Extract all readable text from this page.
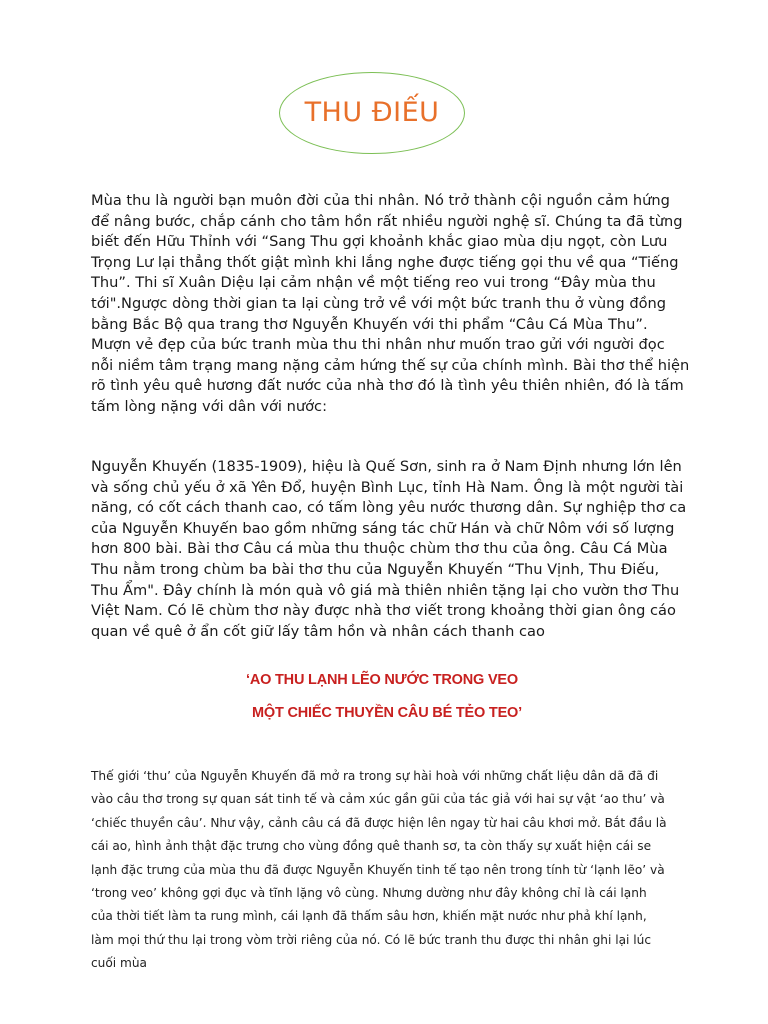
THU ĐIẾU

Mùa thu là người bạn muôn đời của thi nhân. Nó trở thành cội nguồn cảm hứng để nâng bước, chắp cánh cho tâm hồn rất nhiều người nghệ sĩ. Chúng ta đã từng biết đến Hữu Thỉnh với “Sang Thu gợi khoảnh khắc giao mùa dịu ngọt, còn Lưu Trọng Lư lại thẳng thốt giật mình khi lắng nghe được tiếng gọi thu về qua “Tiếng Thu”. Thi sĩ Xuân Diệu lại cảm nhận về một tiếng reo vui trong “Đây mùa thu tới".Ngược dòng thời gian ta lại cùng trở về với một bức tranh thu ở vùng đồng bằng Bắc Bộ qua trang thơ Nguyễn Khuyến với thi phẩm “Câu Cá Mùa Thu”. Mượn vẻ đẹp của bức tranh mùa thu thi nhân như muốn trao gửi với người đọc nỗi niềm tâm trạng mang nặng cảm hứng thế sự của chính mình. Bài thơ thể hiện rõ tình yêu quê hương đất nước của nhà thơ đó là tình yêu thiên nhiên, đó là tấm tấm lòng nặng với dân với nước:

Nguyễn Khuyến (1835-1909), hiệu là Quế Sơn, sinh ra ở Nam Định nhưng lớn lên và sống chủ yếu ở xã Yên Đổ, huyện Bình Lục, tỉnh Hà Nam. Ông là một người tài năng, có cốt cách thanh cao, có tấm lòng yêu nước thương dân. Sự nghiệp thơ ca của Nguyễn Khuyến bao gồm những sáng tác chữ Hán và chữ Nôm với số lượng hơn 800 bài. Bài thơ Câu cá mùa thu thuộc chùm thơ thu của ông. Câu Cá Mùa Thu nằm trong chùm ba bài thơ thu của Nguyễn Khuyến “Thu Vịnh, Thu Điếu, Thu Ẩm". Đây chính là món quà vô giá mà thiên nhiên tặng lại cho vườn thơ Thu Việt Nam. Có lẽ chùm thơ này được nhà thơ viết trong khoảng thời gian ông cáo quan về quê ở ẩn cốt giữ lấy tâm hồn và nhân cách thanh cao

‘AO THU LẠNH LẼO NƯỚC TRONG VEO

MỘT CHIẾC THUYỀN CÂU BÉ TẺO TEO’

Thế giới ‘thu’ của Nguyễn Khuyến đã mở ra trong sự hài hoà với những chất liệu dân dã đã đi vào câu thơ trong sự quan sát tinh tế và cảm xúc gần gũi của tác giả với hai sự vật ‘ao thu’ và ‘chiếc thuyền câu’. Như vậy, cảnh câu cá đã được hiện lên ngay từ hai câu khơi mở. Bắt đầu là cái ao, hình ảnh thật đặc trưng cho vùng đồng quê thanh sơ, ta còn thấy sự xuất hiện cái se lạnh đặc trưng của mùa thu đã được Nguyễn Khuyến tinh tế tạo nên trong tính từ ‘lạnh lẽo’ và ‘trong veo’ không gợi đục và tĩnh lặng vô cùng. Nhưng dường như đây không chỉ là cái lạnh của thời tiết làm ta rung mình, cái lạnh đã thấm sâu hơn, khiến mặt nước như phả khí lạnh, làm mọi thứ thu lại trong vòm trời riêng của nó. Có lẽ bức tranh thu được thi nhân ghi lại lúc cuối mùa
